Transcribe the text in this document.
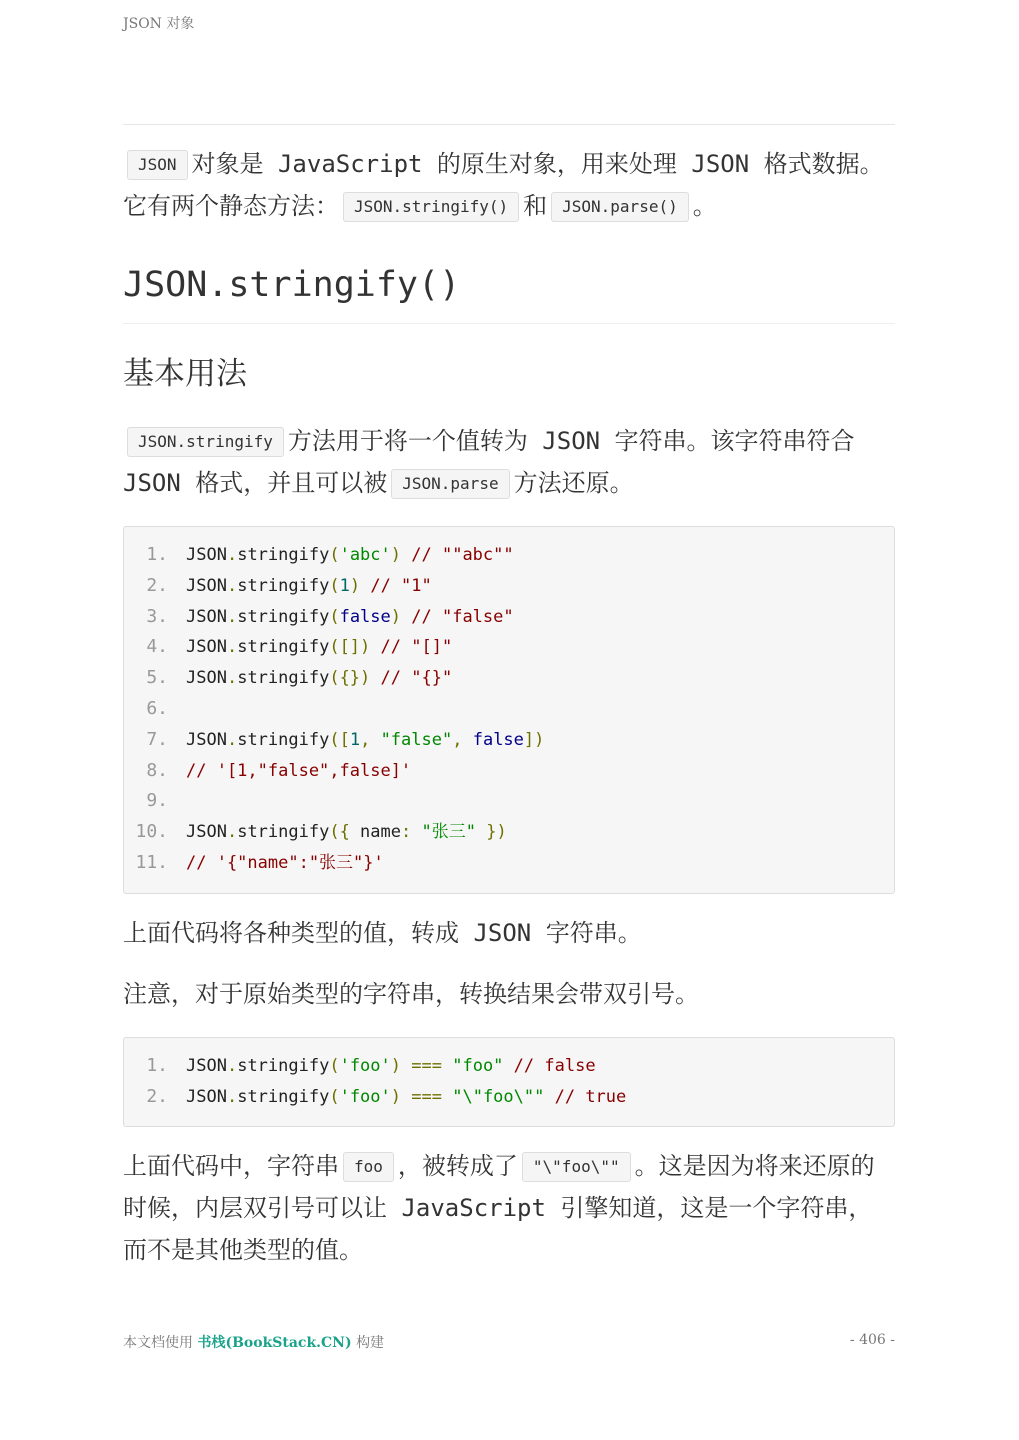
JSON 对象

JSON 对象是 JavaScript 的原生对象，用来处理 JSON 格式数据。它有两个静态方法： JSON.stringify() 和 JSON.parse() 。

JSON.stringify()
基本用法

JSON.stringify 方法用于将一个值转为 JSON 字符串。该字符串符合 JSON 格式，并且可以被 JSON.parse 方法还原。

1.	JSON.stringify('abc') // ""abc""
2.	JSON.stringify(1) // "1"
3.	JSON.stringify(false) // "false"
4.	JSON.stringify([]) // "[]"
5.	JSON.stringify({}) // "{}"
6.
7.	JSON.stringify([1, "false", false])
8.	// '[1,"false",false]'
9.
10.	JSON.stringify({ name: "张三" })
11.	// '{"name":"张三"}'

上面代码将各种类型的值，转成 JSON 字符串。

注意，对于原始类型的字符串，转换结果会带双引号。

1.	JSON.stringify('foo') === "foo" // false
2.	JSON.stringify('foo') === "\"foo\"" // true

上面代码中，字符串 foo ，被转成了 "\"foo\"" 。这是因为将来还原的时候，内层双引号可以让 JavaScript 引擎知道，这是一个字符串，而不是其他类型的值。

本文档使用 书栈(BookStack.CN) 构建	- 406 -
